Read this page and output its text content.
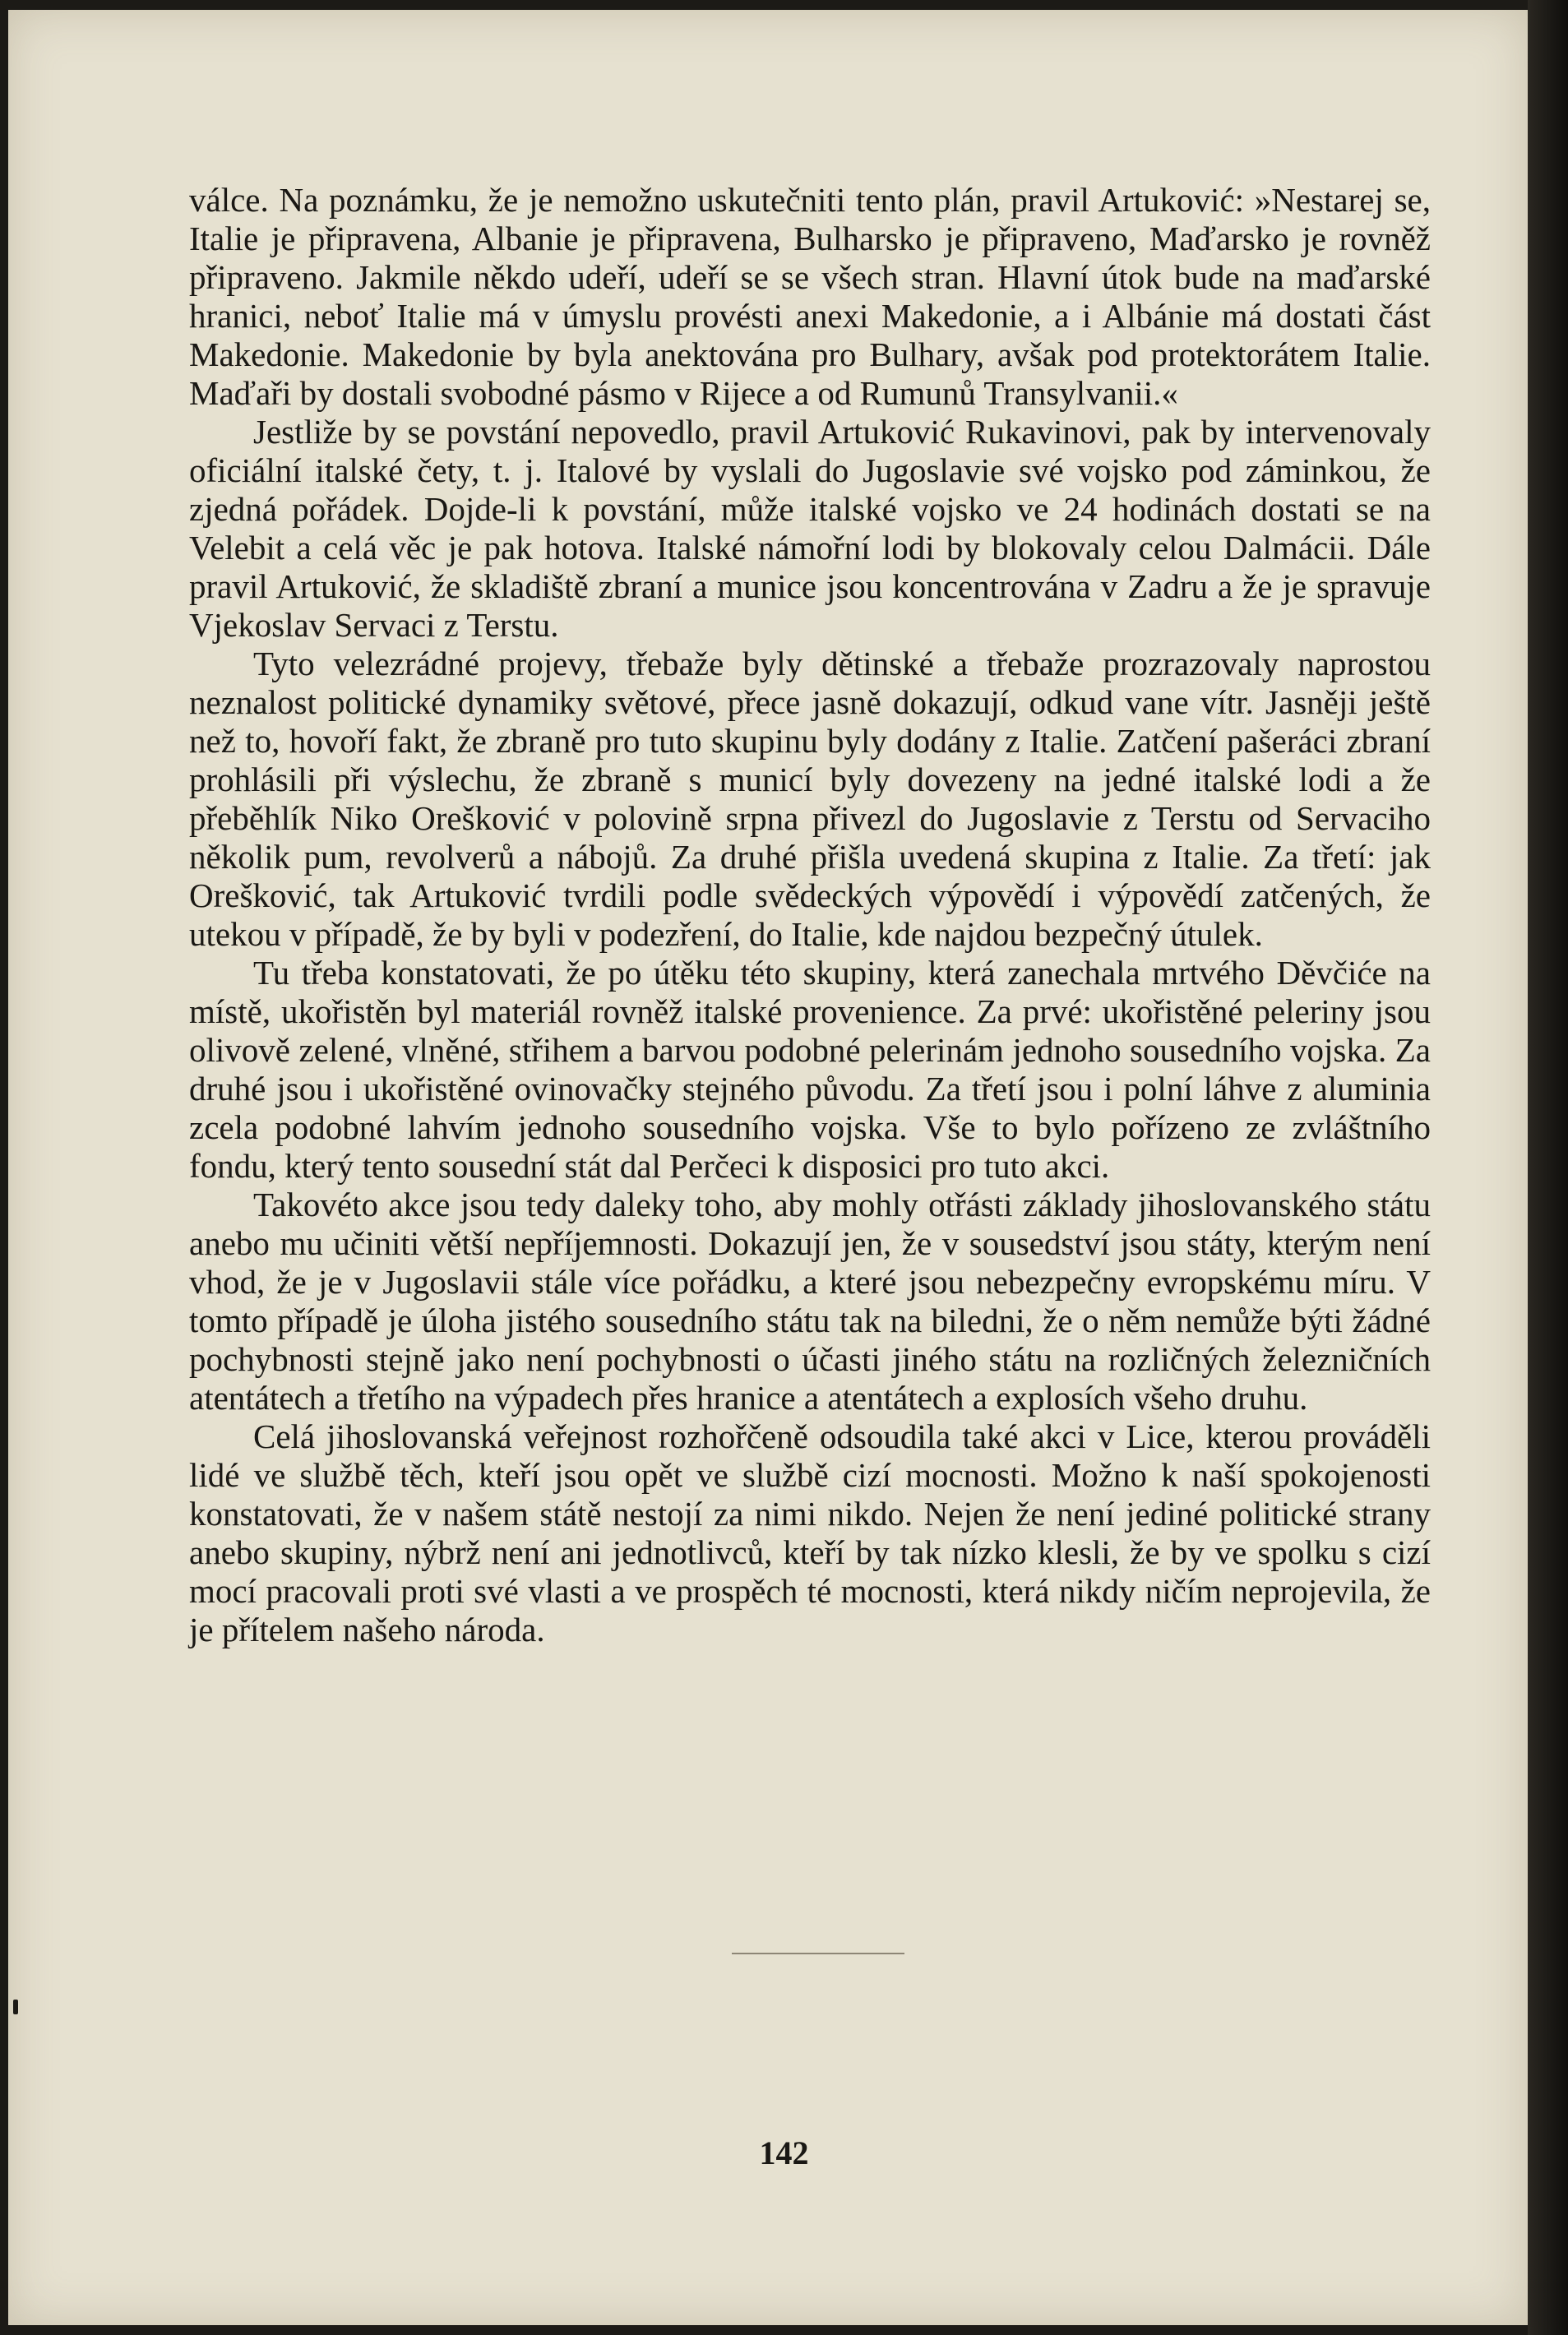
válce. Na poznámku, že je nemožno uskutečniti tento plán, pravil Artuković: »Nestarej se, Italie je připravena, Albanie je připravena, Bulharsko je připraveno, Maďarsko je rovněž připraveno. Jakmile někdo udeří, udeří se se všech stran. Hlavní útok bude na maďarské hranici, neboť Italie má v úmyslu provésti anexi Makedonie, a i Albánie má dostati část Makedonie. Makedonie by byla anektována pro Bulhary, avšak pod protektorátem Italie. Maďaři by dostali svobodné pásmo v Rijece a od Rumunů Transylvanii.«

Jestliže by se povstání nepovedlo, pravil Artuković Rukavinovi, pak by intervenovaly oficiální italské čety, t. j. Italové by vyslali do Jugoslavie své vojsko pod záminkou, že zjedná pořádek. Dojde-li k povstání, může italské vojsko ve 24 hodinách dostati se na Velebit a celá věc je pak hotova. Italské námořní lodi by blokovaly celou Dalmácii. Dále pravil Artuković, že skladiště zbraní a munice jsou koncentrována v Zadru a že je spravuje Vjekoslav Servaci z Terstu.

Tyto velezrádné projevy, třebaže byly dětinské a třebaže prozrazovaly naprostou neznalost politické dynamiky světové, přece jasně dokazují, odkud vane vítr. Jasněji ještě než to, hovoří fakt, že zbraně pro tuto skupinu byly dodány z Italie. Zatčení pašeráci zbraní prohlásili při výslechu, že zbraně s municí byly dovezeny na jedné italské lodi a že přeběhlík Niko Orešković v polovině srpna přivezl do Jugoslavie z Terstu od Servaciho několik pum, revolverů a nábojů. Za druhé přišla uvedená skupina z Italie. Za třetí: jak Orešković, tak Artuković tvrdili podle svědeckých výpovědí i výpovědí zatčených, že utekou v případě, že by byli v podezření, do Italie, kde najdou bezpečný útulek.

Tu třeba konstatovati, že po útěku této skupiny, která zanechala mrtvého Děvčiće na místě, ukořistěn byl materiál rovněž italské provenience. Za prvé: ukořistěné peleriny jsou olivově zelené, vlněné, střihem a barvou podobné pelerinám jednoho sousedního vojska. Za druhé jsou i ukořistěné ovinovačky stejného původu. Za třetí jsou i polní láhve z aluminia zcela podobné lahvím jednoho sousedního vojska. Vše to bylo pořízeno ze zvláštního fondu, který tento sousední stát dal Perčeci k disposici pro tuto akci.

Takovéto akce jsou tedy daleky toho, aby mohly otřásti základy jihoslovanského státu anebo mu učiniti větší nepříjemnosti. Dokazují jen, že v sousedství jsou státy, kterým není vhod, že je v Jugoslavii stále více pořádku, a které jsou nebezpečny evropskému míru. V tomto případě je úloha jistého sousedního státu tak na biledni, že o něm nemůže býti žádné pochybnosti stejně jako není pochybnosti o účasti jiného státu na rozličných železničních atentátech a třetího na výpadech přes hranice a atentátech a explosích všeho druhu.

Celá jihoslovanská veřejnost rozhořčeně odsoudila také akci v Lice, kterou prováděli lidé ve službě těch, kteří jsou opět ve službě cizí mocnosti. Možno k naší spokojenosti konstatovati, že v našem státě nestojí za nimi nikdo. Nejen že není jediné politické strany anebo skupiny, nýbrž není ani jednotlivců, kteří by tak nízko klesli, že by ve spolku s cizí mocí pracovali proti své vlasti a ve prospěch té mocnosti, která nikdy ničím neprojevila, že je přítelem našeho národa.

142
